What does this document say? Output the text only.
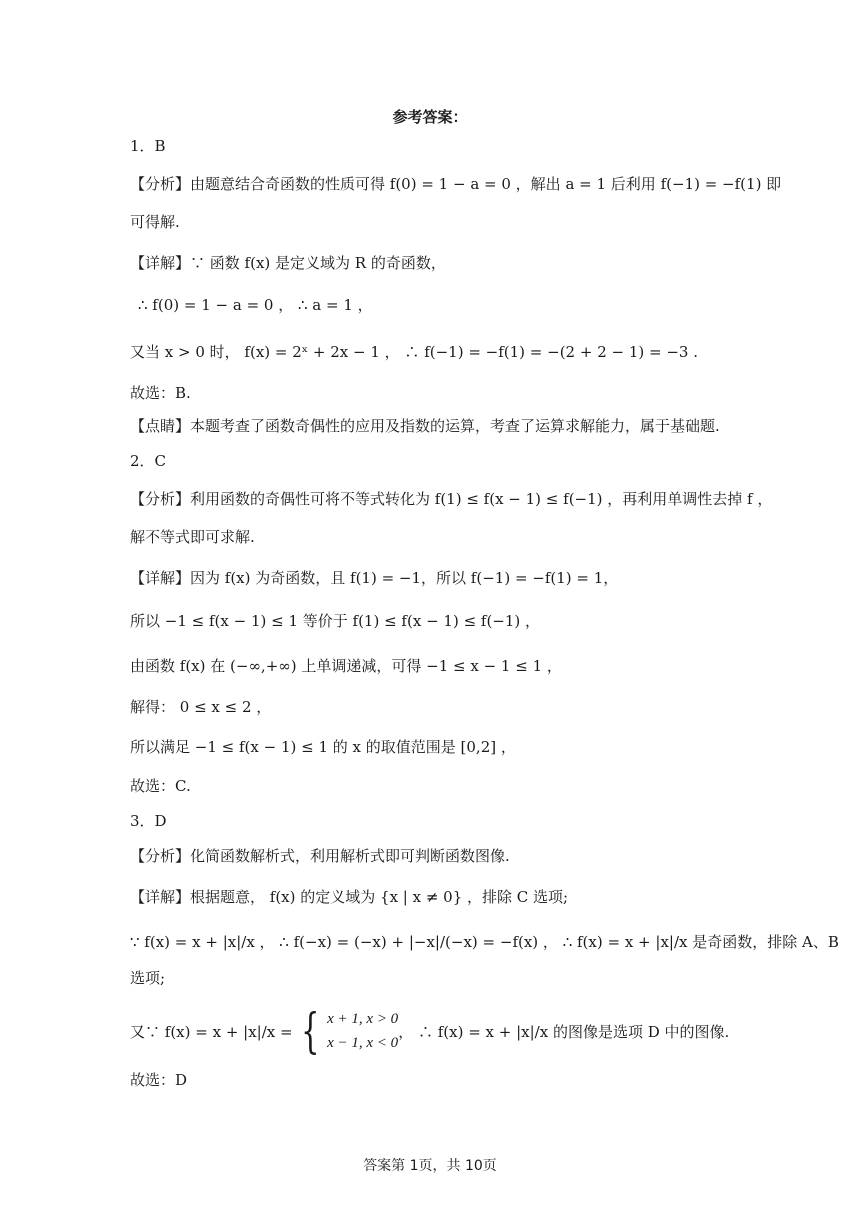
参考答案：
1．B
【分析】由题意结合奇函数的性质可得 f(0) = 1 − a = 0 ，解出 a = 1 后利用 f(−1) = −f(1) 即
可得解.
【详解】∵ 函数 f(x) 是定义域为 R 的奇函数，
∴ f(0) = 1 − a = 0 ， ∴ a = 1 ，
又当 x > 0 时， f(x) = 2ˣ + 2x − 1 ， ∴ f(−1) = −f(1) = −(2 + 2 − 1) = −3 .
故选：B.
【点睛】本题考查了函数奇偶性的应用及指数的运算，考查了运算求解能力，属于基础题.
2．C
【分析】利用函数的奇偶性可将不等式转化为 f(1) ≤ f(x − 1) ≤ f(−1) ，再利用单调性去掉 f ，
解不等式即可求解.
【详解】因为 f(x) 为奇函数，且 f(1) = −1，所以 f(−1) = −f(1) = 1，
所以 −1 ≤ f(x − 1) ≤ 1 等价于 f(1) ≤ f(x − 1) ≤ f(−1) ，
由函数 f(x) 在 (−∞,+∞) 上单调递减，可得 −1 ≤ x − 1 ≤ 1 ，
解得： 0 ≤ x ≤ 2 ，
所以满足 −1 ≤ f(x − 1) ≤ 1 的 x 的取值范围是 [0,2] ，
故选：C.
3．D
【分析】化简函数解析式，利用解析式即可判断函数图像.
【详解】根据题意， f(x) 的定义域为 {x | x ≠ 0} ，排除 C 选项;
∵ f(x) = x + |x|/x ， ∴ f(−x) = (−x) + |−x|/(−x) = −f(x) ， ∴ f(x) = x + |x|/x 是奇函数，排除 A、B
选项;
又∵ f(x) = x + |x|/x = { x + 1, x > 0
x − 1, x < 0
， ∴ f(x) = x + |x|/x 的图像是选项 D 中的图像.
故选：D
答案第 1页，共 10页
